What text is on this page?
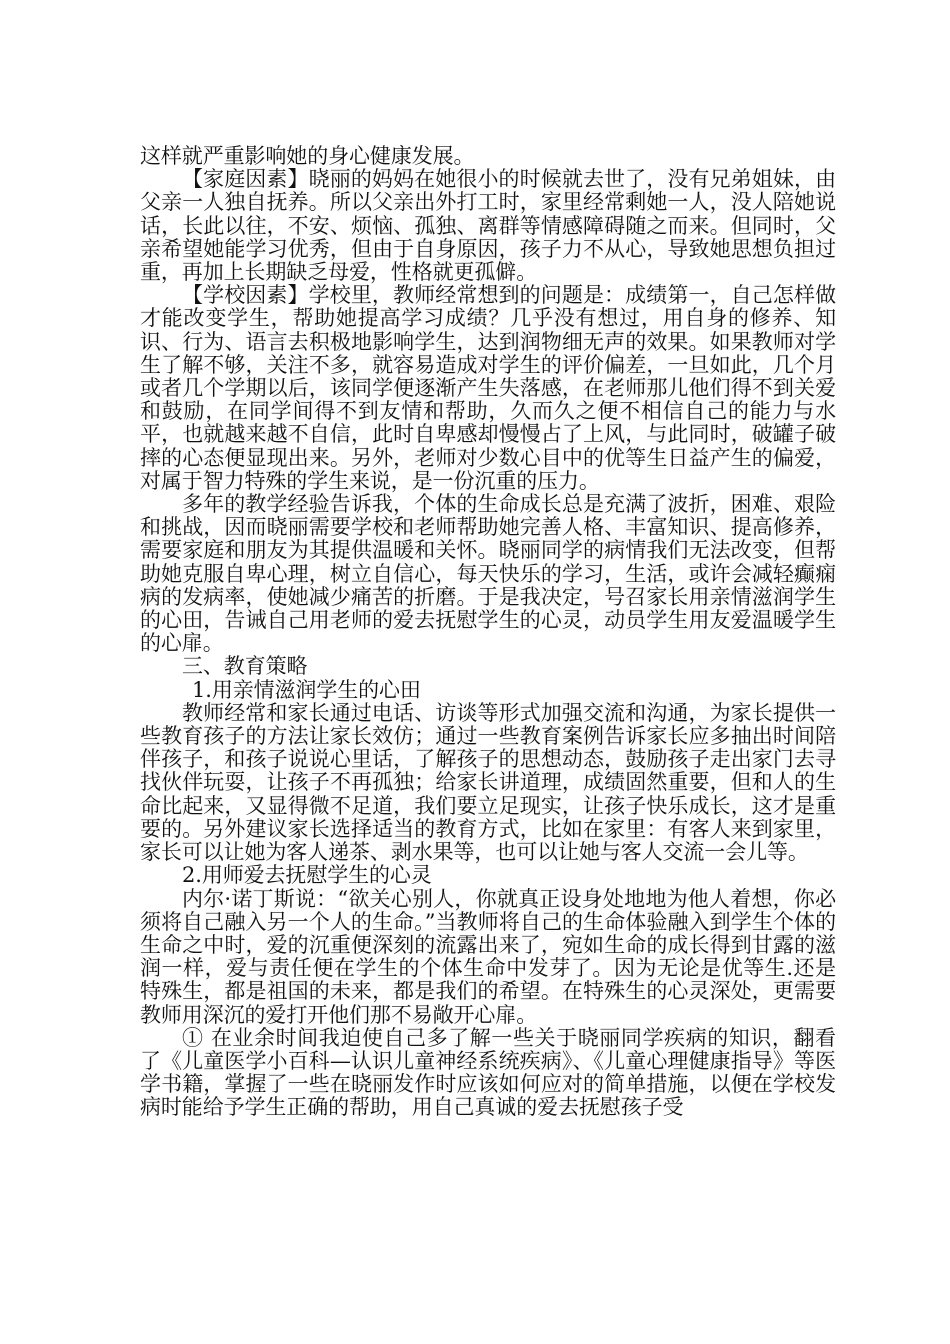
这样就严重影响她的身心健康发展。

【家庭因素】晓丽的妈妈在她很小的时候就去世了，没有兄弟姐妹，由父亲一人独自抚养。所以父亲出外打工时，家里经常剩她一人，没人陪她说话，长此以往，不安、烦恼、孤独、离群等情感障碍随之而来。但同时，父亲希望她能学习优秀，但由于自身原因，孩子力不从心，导致她思想负担过重，再加上长期缺乏母爱，性格就更孤僻。

【学校因素】学校里，教师经常想到的问题是：成绩第一，自己怎样做才能改变学生，帮助她提高学习成绩？几乎没有想过，用自身的修养、知识、行为、语言去积极地影响学生，达到润物细无声的效果。如果教师对学生了解不够，关注不多，就容易造成对学生的评价偏差，一旦如此，几个月或者几个学期以后，该同学便逐渐产生失落感，在老师那儿他们得不到关爱和鼓励，在同学间得不到友情和帮助，久而久之便不相信自己的能力与水平，也就越来越不自信，此时自卑感却慢慢占了上风，与此同时，破罐子破摔的心态便显现出来。另外，老师对少数心目中的优等生日益产生的偏爱，对属于智力特殊的学生来说，是一份沉重的压力。

多年的教学经验告诉我，个体的生命成长总是充满了波折，困难、艰险和挑战，因而晓丽需要学校和老师帮助她完善人格、丰富知识、提高修养，需要家庭和朋友为其提供温暖和关怀。晓丽同学的病情我们无法改变，但帮助她克服自卑心理，树立自信心，每天快乐的学习，生活，或许会减轻癫痫病的发病率，使她减少痛苦的折磨。于是我决定，号召家长用亲情滋润学生的心田，告诫自己用老师的爱去抚慰学生的心灵，动员学生用友爱温暖学生的心扉。

三、教育策略

1.用亲情滋润学生的心田

教师经常和家长通过电话、访谈等形式加强交流和沟通，为家长提供一些教育孩子的方法让家长效仿；通过一些教育案例告诉家长应多抽出时间陪伴孩子，和孩子说说心里话，了解孩子的思想动态，鼓励孩子走出家门去寻找伙伴玩耍，让孩子不再孤独；给家长讲道理，成绩固然重要，但和人的生命比起来，又显得微不足道，我们要立足现实，让孩子快乐成长，这才是重要的。另外建议家长选择适当的教育方式，比如在家里：有客人来到家里，家长可以让她为客人递茶、剥水果等，也可以让她与客人交流一会儿等。

2.用师爱去抚慰学生的心灵

内尔·诺丁斯说：“欲关心别人，你就真正设身处地地为他人着想，你必须将自己融入另一个人的生命。”当教师将自己的生命体验融入到学生个体的生命之中时，爱的沉重便深刻的流露出来了，宛如生命的成长得到甘露的滋润一样，爱与责任便在学生的个体生命中发芽了。因为无论是优等生.还是特殊生，都是祖国的未来，都是我们的希望。在特殊生的心灵深处，更需要教师用深沉的爱打开他们那不易敞开心扉。

① 在业余时间我迫使自己多了解一些关于晓丽同学疾病的知识，翻看了《儿童医学小百科—认识儿童神经系统疾病》、《儿童心理健康指导》等医学书籍，掌握了一些在晓丽发作时应该如何应对的简单措施，以便在学校发病时能给予学生正确的帮助，用自己真诚的爱去抚慰孩子受
